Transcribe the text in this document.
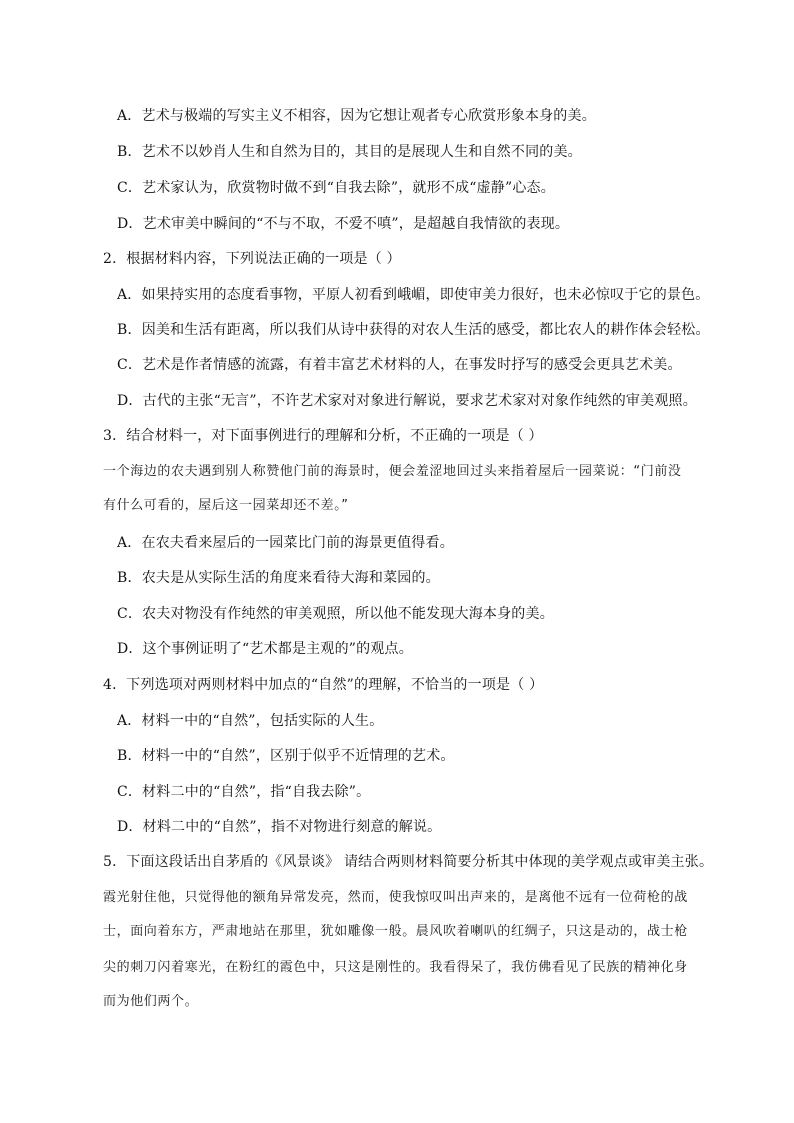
A．艺术与极端的写实主义不相容，因为它想让观者专心欣赏形象本身的美。
B．艺术不以妙肖人生和自然为目的，其目的是展现人生和自然不同的美。
C．艺术家认为，欣赏物时做不到“自我去除”，就形不成“虚静”心态。
D．艺术审美中瞬间的“不与不取，不爱不嗔”，是超越自我情欲的表现。
2．根据材料内容，下列说法正确的一项是（ ）
A．如果持实用的态度看事物，平原人初看到峨嵋，即使审美力很好，也未必惊叹于它的景色。
B．因美和生活有距离，所以我们从诗中获得的对农人生活的感受，都比农人的耕作体会轻松。
C．艺术是作者情感的流露，有着丰富艺术材料的人，在事发时抒写的感受会更具艺术美。
D．古代的主张“无言”，不许艺术家对对象进行解说，要求艺术家对对象作纯然的审美观照。
3．结合材料一，对下面事例进行的理解和分析，不正确的一项是（ ）
一个海边的农夫遇到别人称赞他门前的海景时，便会羞涩地回过头来指着屋后一园菜说：“门前没
有什么可看的，屋后这一园菜却还不差。”
A．在农夫看来屋后的一园菜比门前的海景更值得看。
B．农夫是从实际生活的角度来看待大海和菜园的。
C．农夫对物没有作纯然的审美观照，所以他不能发现大海本身的美。
D．这个事例证明了“艺术都是主观的”的观点。
4．下列选项对两则材料中加点的“自然”的理解，不恰当的一项是（ ）
A．材料一中的“自然”，包括实际的人生。
B．材料一中的“自然”，区别于似乎不近情理的艺术。
C．材料二中的“自然”，指“自我去除”。
D．材料二中的“自然”，指不对物进行刻意的解说。
5．下面这段话出自茅盾的《风景谈》 请结合两则材料简要分析其中体现的美学观点或审美主张。
霞光射住他，只觉得他的额角异常发亮，然而，使我惊叹叫出声来的，是离他不远有一位荷枪的战
士，面向着东方，严肃地站在那里，犹如雕像一般。晨风吹着喇叭的红绸子，只这是动的，战士枪
尖的刺刀闪着寒光，在粉红的霞色中，只这是刚性的。我看得呆了，我仿佛看见了民族的精神化身
而为他们两个。
